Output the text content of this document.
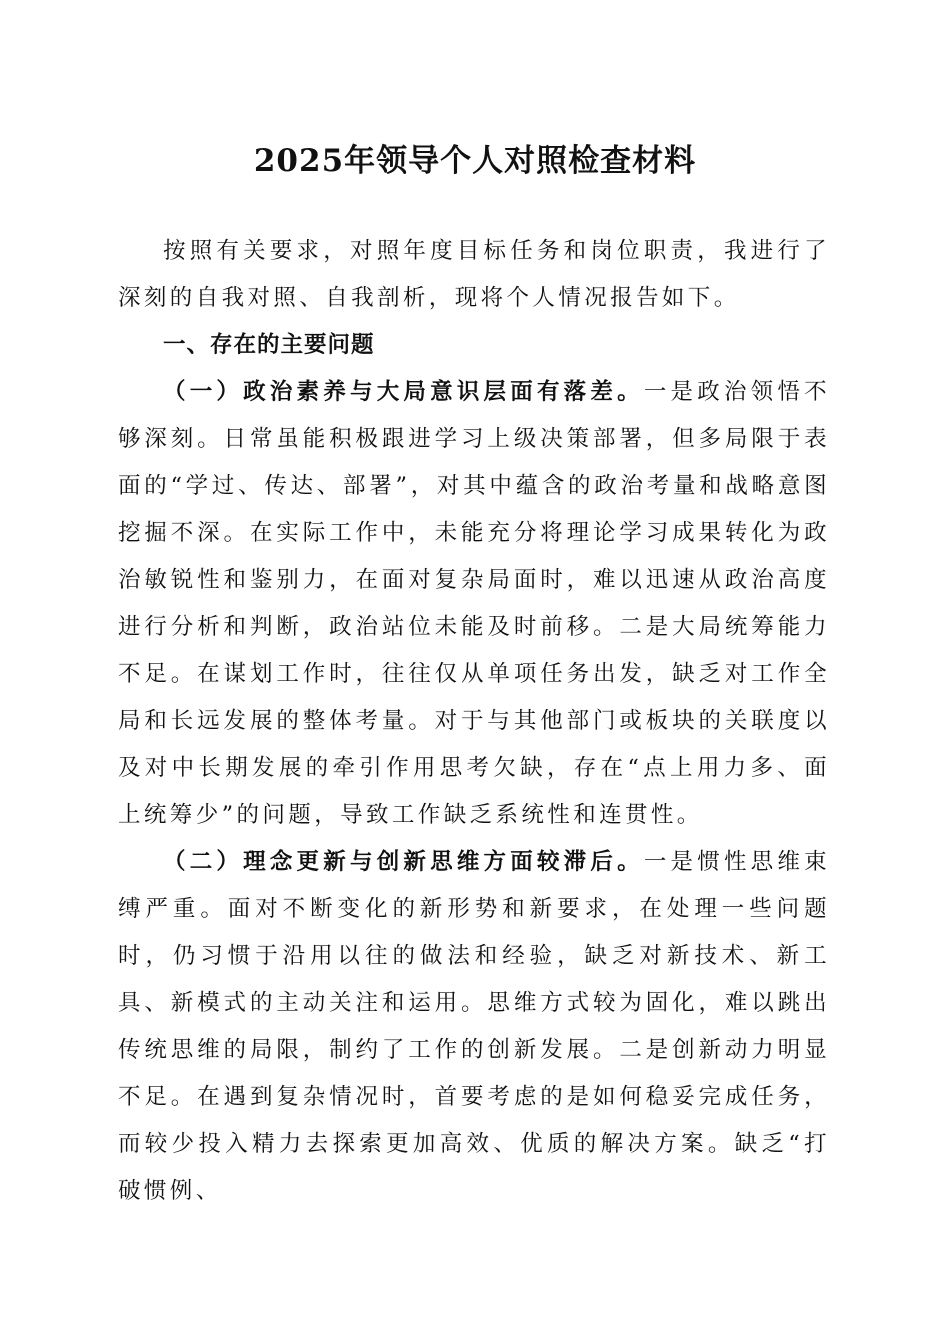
2025年领导个人对照检查材料

按照有关要求，对照年度目标任务和岗位职责，我进行了深刻的自我对照、自我剖析，现将个人情况报告如下。

一、存在的主要问题

（一）政治素养与大局意识层面有落差。一是政治领悟不够深刻。日常虽能积极跟进学习上级决策部署，但多局限于表面的“学过、传达、部署”，对其中蕴含的政治考量和战略意图挖掘不深。在实际工作中，未能充分将理论学习成果转化为政治敏锐性和鉴别力，在面对复杂局面时，难以迅速从政治高度进行分析和判断，政治站位未能及时前移。二是大局统筹能力不足。在谋划工作时，往往仅从单项任务出发，缺乏对工作全局和长远发展的整体考量。对于与其他部门或板块的关联度以及对中长期发展的牵引作用思考欠缺，存在“点上用力多、面上统筹少”的问题，导致工作缺乏系统性和连贯性。

（二）理念更新与创新思维方面较滞后。一是惯性思维束缚严重。面对不断变化的新形势和新要求，在处理一些问题时，仍习惯于沿用以往的做法和经验，缺乏对新技术、新工具、新模式的主动关注和运用。思维方式较为固化，难以跳出传统思维的局限，制约了工作的创新发展。二是创新动力明显不足。在遇到复杂情况时，首要考虑的是如何稳妥完成任务，而较少投入精力去探索更加高效、优质的解决方案。缺乏“打破惯例、
